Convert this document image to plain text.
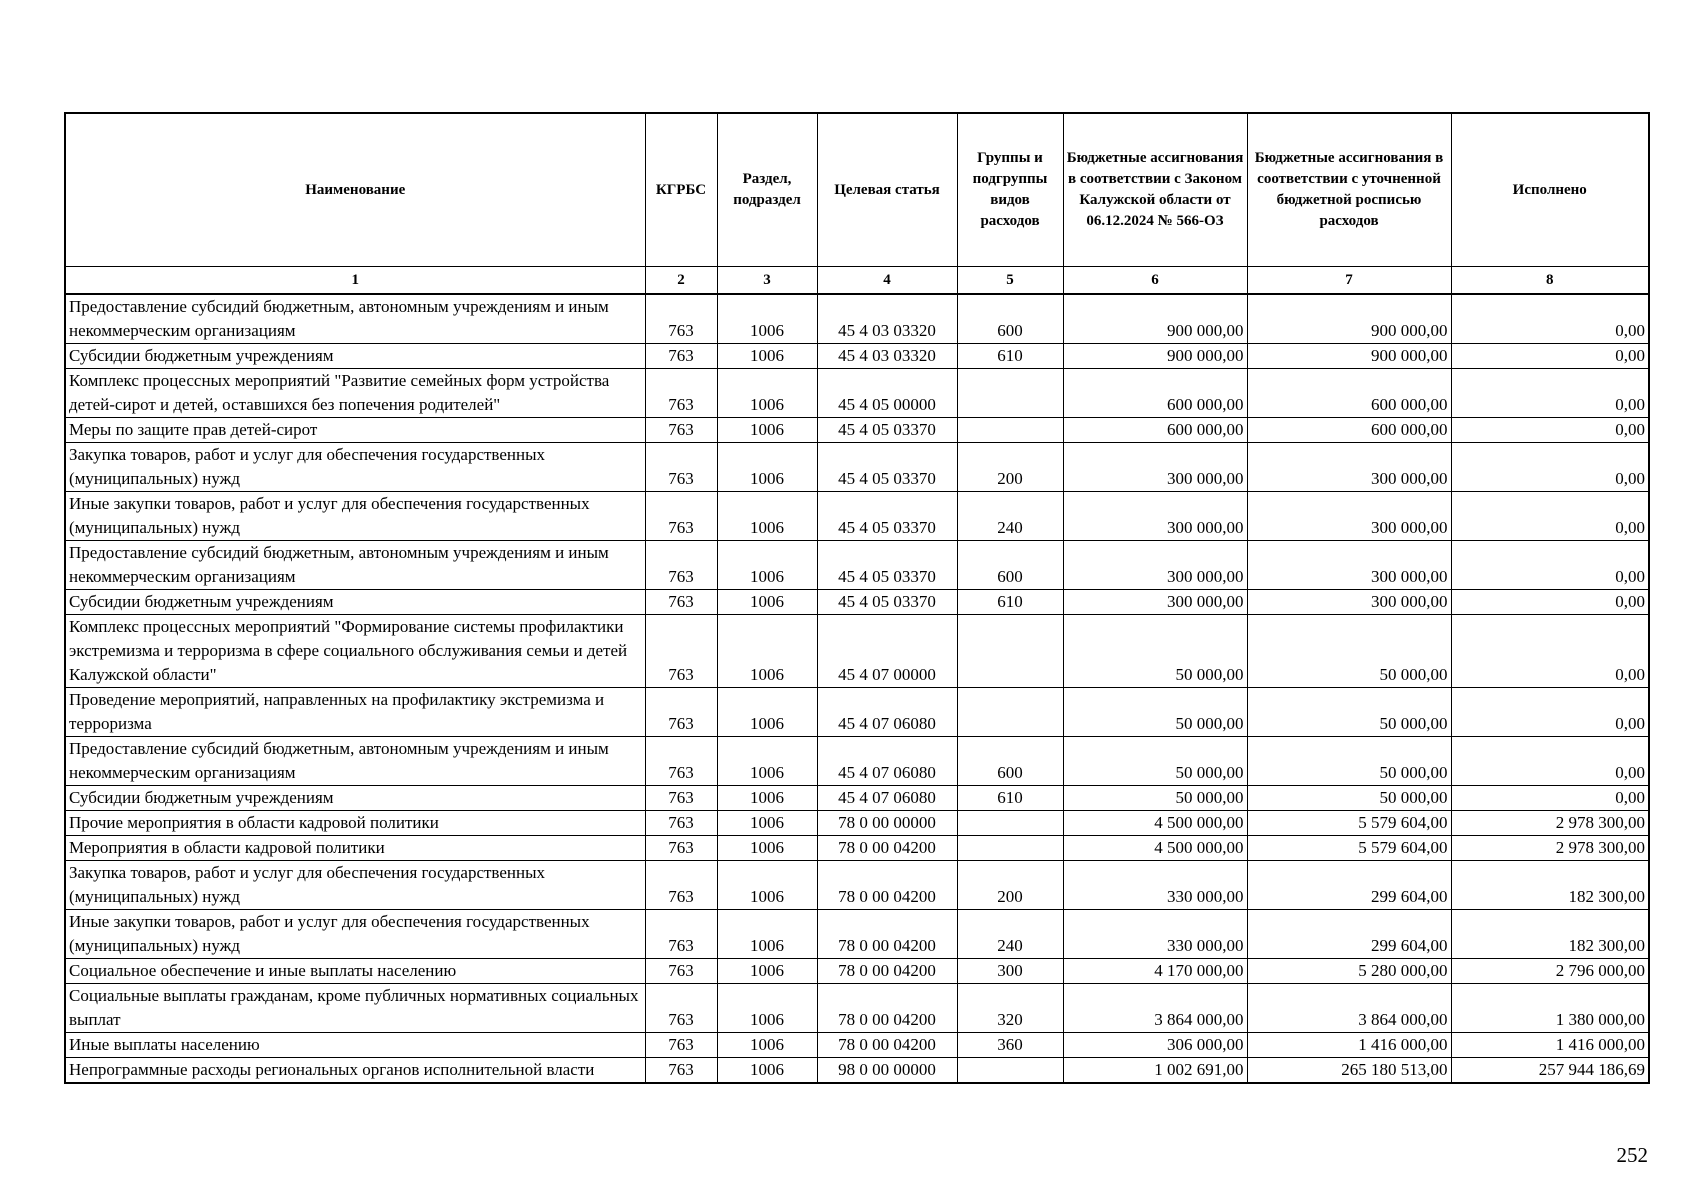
Наименование	КГРБС	Раздел, подраздел	Целевая статья	Группы и подгруппы видов расходов	Бюджетные ассигнования в соответствии с Законом Калужской области от 06.12.2024 № 566-ОЗ	Бюджетные ассигнования в соответствии с уточненной бюджетной росписью расходов	Исполнено
1	2	3	4	5	6	7	8
Предоставление субсидий бюджетным, автономным учреждениям и иным некоммерческим организациям	763	1006	45 4 03 03320	600	900 000,00	900 000,00	0,00
Субсидии бюджетным учреждениям	763	1006	45 4 03 03320	610	900 000,00	900 000,00	0,00
Комплекс процессных мероприятий "Развитие семейных форм устройства детей-сирот и детей, оставшихся без попечения родителей"	763	1006	45 4 05 00000		600 000,00	600 000,00	0,00
Меры по защите прав детей-сирот	763	1006	45 4 05 03370		600 000,00	600 000,00	0,00
Закупка товаров, работ и услуг для обеспечения государственных (муниципальных) нужд	763	1006	45 4 05 03370	200	300 000,00	300 000,00	0,00
Иные закупки товаров, работ и услуг для обеспечения государственных (муниципальных) нужд	763	1006	45 4 05 03370	240	300 000,00	300 000,00	0,00
Предоставление субсидий бюджетным, автономным учреждениям и иным некоммерческим организациям	763	1006	45 4 05 03370	600	300 000,00	300 000,00	0,00
Субсидии бюджетным учреждениям	763	1006	45 4 05 03370	610	300 000,00	300 000,00	0,00
Комплекс процессных мероприятий "Формирование системы профилактики экстремизма и терроризма в сфере социального обслуживания семьи и детей Калужской области"	763	1006	45 4 07 00000		50 000,00	50 000,00	0,00
Проведение мероприятий, направленных на профилактику экстремизма и терроризма	763	1006	45 4 07 06080		50 000,00	50 000,00	0,00
Предоставление субсидий бюджетным, автономным учреждениям и иным некоммерческим организациям	763	1006	45 4 07 06080	600	50 000,00	50 000,00	0,00
Субсидии бюджетным учреждениям	763	1006	45 4 07 06080	610	50 000,00	50 000,00	0,00
Прочие мероприятия в области кадровой политики	763	1006	78 0 00 00000		4 500 000,00	5 579 604,00	2 978 300,00
Мероприятия в области кадровой политики	763	1006	78 0 00 04200		4 500 000,00	5 579 604,00	2 978 300,00
Закупка товаров, работ и услуг для обеспечения государственных (муниципальных) нужд	763	1006	78 0 00 04200	200	330 000,00	299 604,00	182 300,00
Иные закупки товаров, работ и услуг для обеспечения государственных (муниципальных) нужд	763	1006	78 0 00 04200	240	330 000,00	299 604,00	182 300,00
Социальное обеспечение и иные выплаты населению	763	1006	78 0 00 04200	300	4 170 000,00	5 280 000,00	2 796 000,00
Социальные выплаты гражданам, кроме публичных нормативных социальных выплат	763	1006	78 0 00 04200	320	3 864 000,00	3 864 000,00	1 380 000,00
Иные выплаты населению	763	1006	78 0 00 04200	360	306 000,00	1 416 000,00	1 416 000,00
Непрограммные расходы региональных органов исполнительной власти	763	1006	98 0 00 00000		1 002 691,00	265 180 513,00	257 944 186,69
252
